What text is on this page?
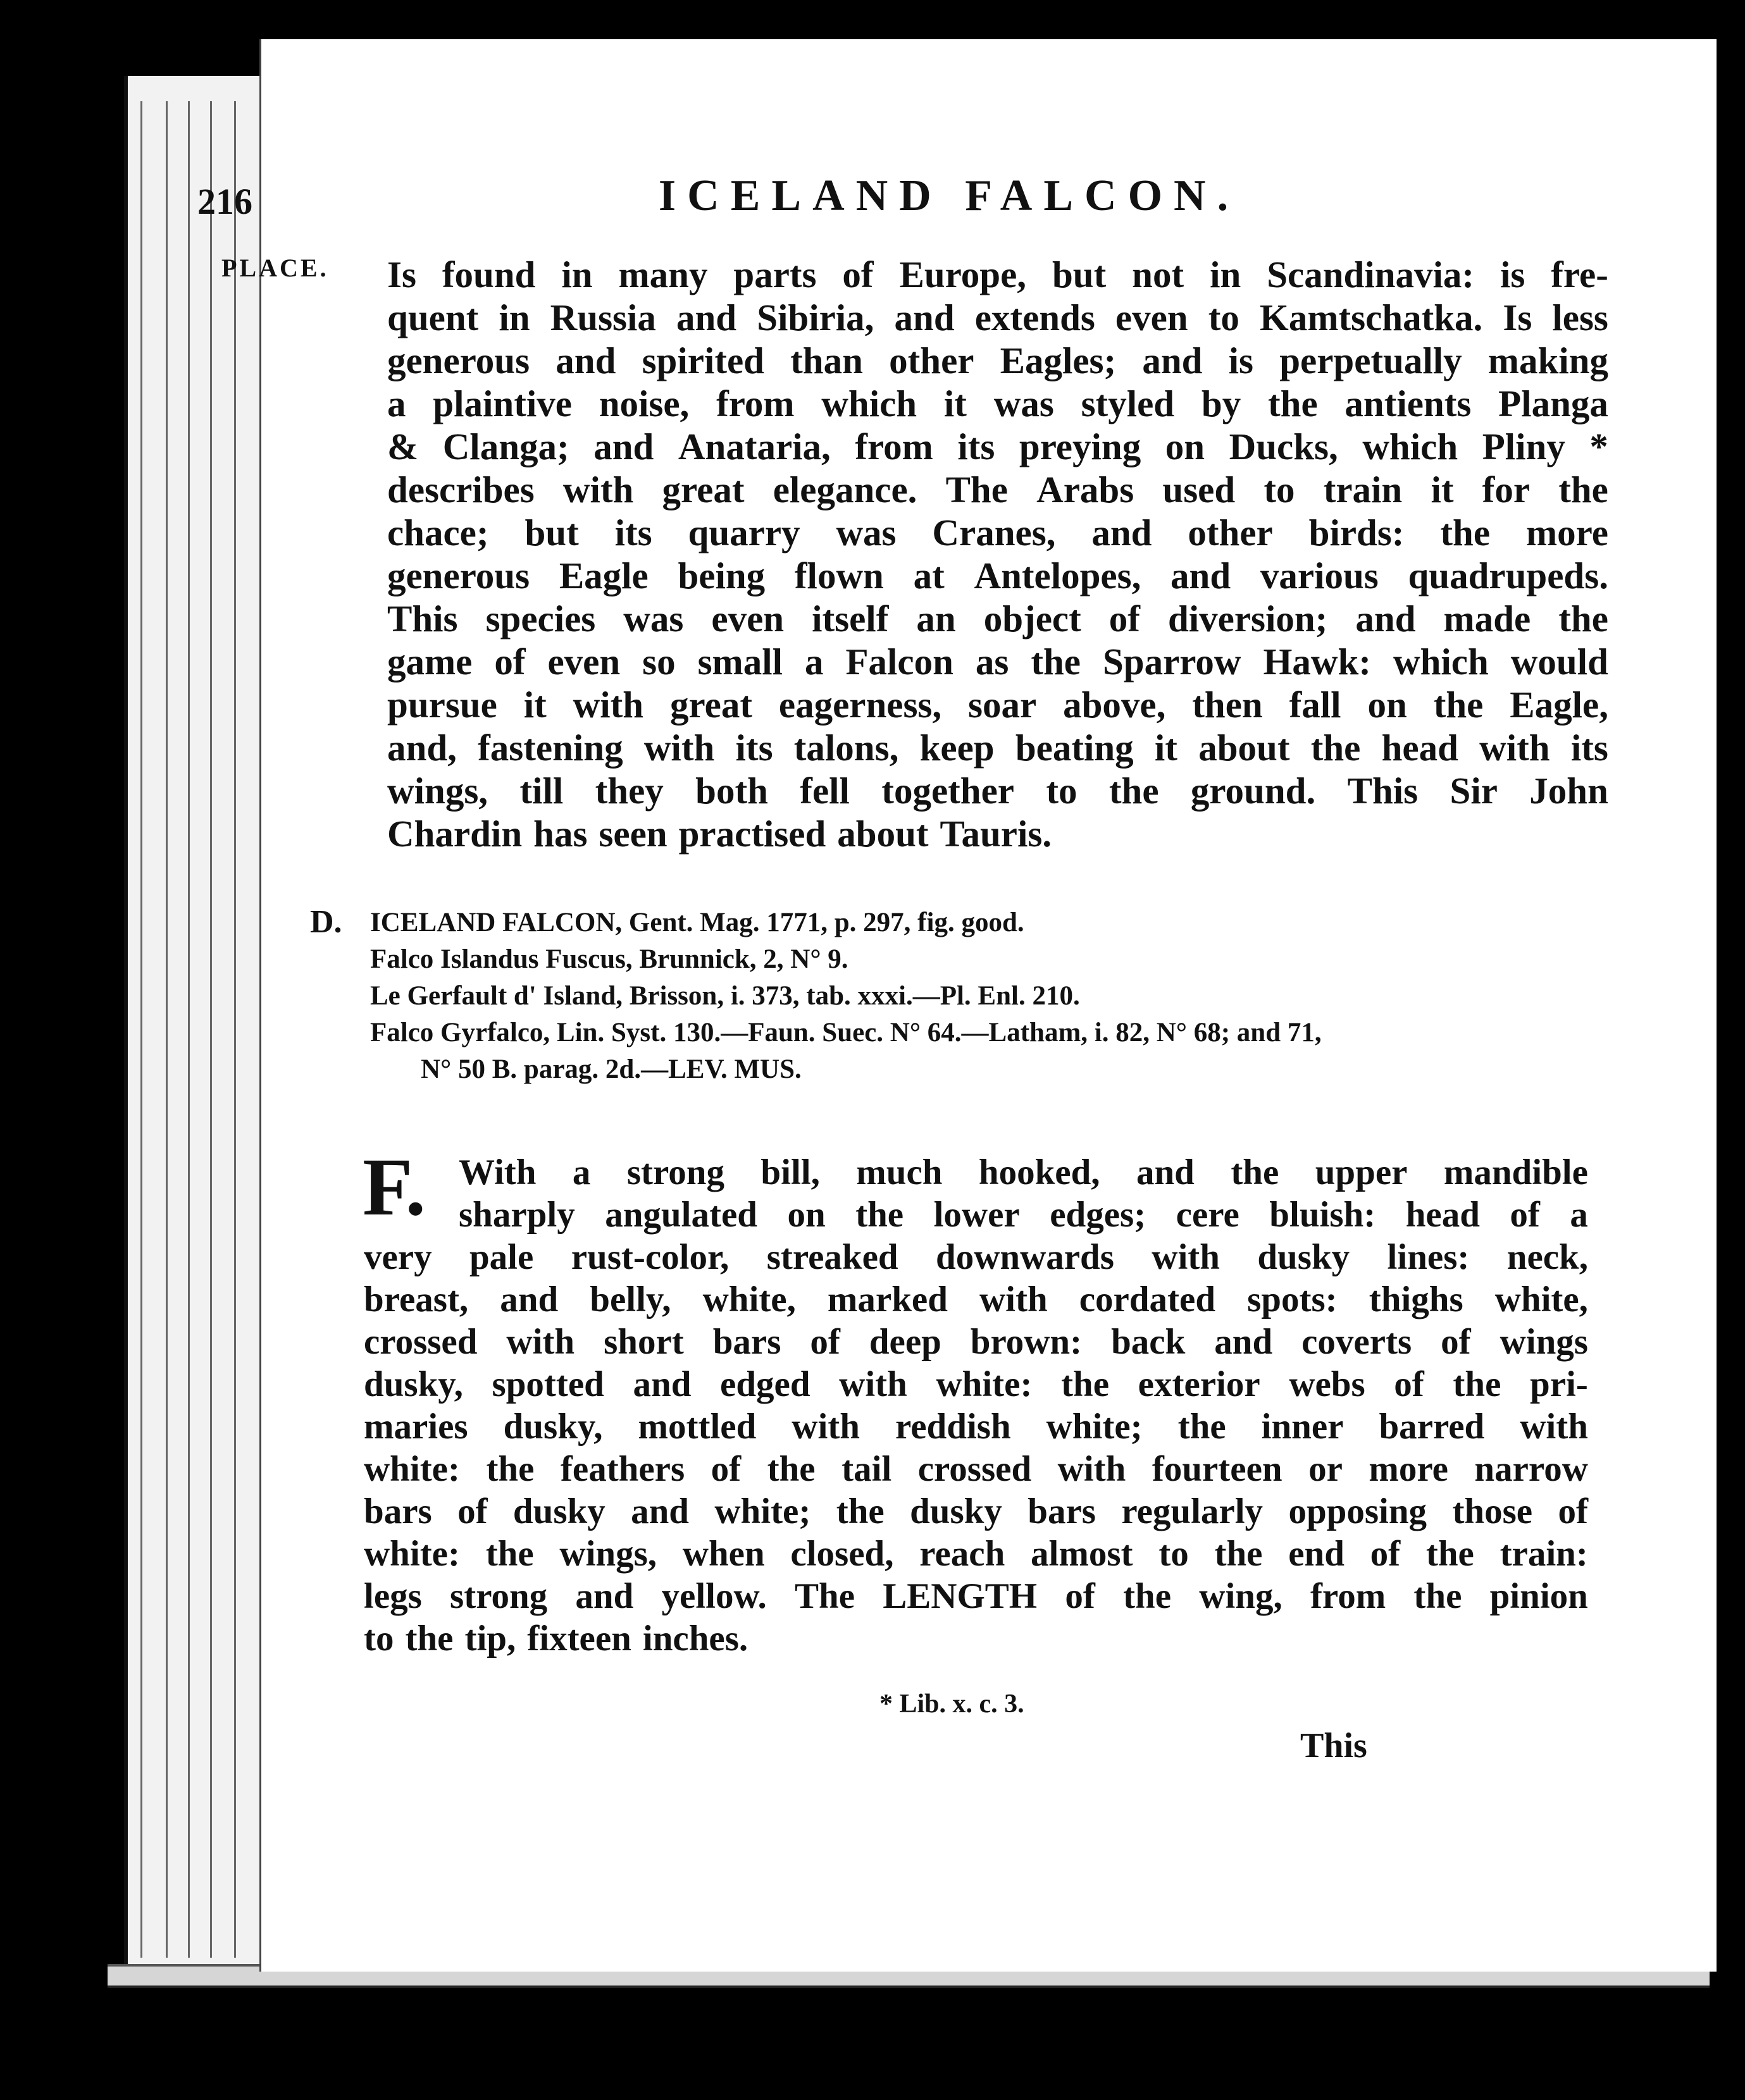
216	ICELAND FALCON.
PLACE. Is found in many parts of Europe, but not in Scandinavia: is fre-
quent in Russia and Sibiria, and extends even to Kamtschatka. Is less
generous and spirited than other Eagles; and is perpetually making
a plaintive noise, from which it was styled by the antients Planga
& Clanga; and Anataria, from its preying on Ducks, which Pliny *
describes with great elegance. The Arabs used to train it for the
chace; but its quarry was Cranes, and other birds: the more
generous Eagle being flown at Antelopes, and various quadrupeds.
This species was even itself an object of diversion; and made the
game of even so small a Falcon as the Sparrow Hawk: which would
pursue it with great eagerness, soar above, then fall on the Eagle,
and, fastening with its talons, keep beating it about the head with its
wings, till they both fell together to the ground. This Sir John
Chardin has seen practised about Tauris.
D. ICELAND FALCON, Gent. Mag. 1771, p. 297, fig. good.
Falco Islandus Fuscus, Brunnick, 2, N° 9.
Le Gerfault d' Island, Brisson, i. 373, tab. xxxi.—Pl. Enl. 210.
Falco Gyrfalco, Lin. Syst. 130.—Faun. Suec. N° 64.—Latham, i. 82, N° 68; and 71,
N° 50 B. parag. 2d.—LEV. MUS.
F. With a strong bill, much hooked, and the upper mandible
sharply angulated on the lower edges; cere bluish: head of a
very pale rust-color, streaked downwards with dusky lines: neck,
breast, and belly, white, marked with cordated spots: thighs white,
crossed with short bars of deep brown: back and coverts of wings
dusky, spotted and edged with white: the exterior webs of the pri-
maries dusky, mottled with reddish white; the inner barred with
white: the feathers of the tail crossed with fourteen or more narrow
bars of dusky and white; the dusky bars regularly opposing those of
white: the wings, when closed, reach almost to the end of the train:
legs strong and yellow. The LENGTH of the wing, from the pinion
to the tip, fixteen inches.
* Lib. x. c. 3.
This
